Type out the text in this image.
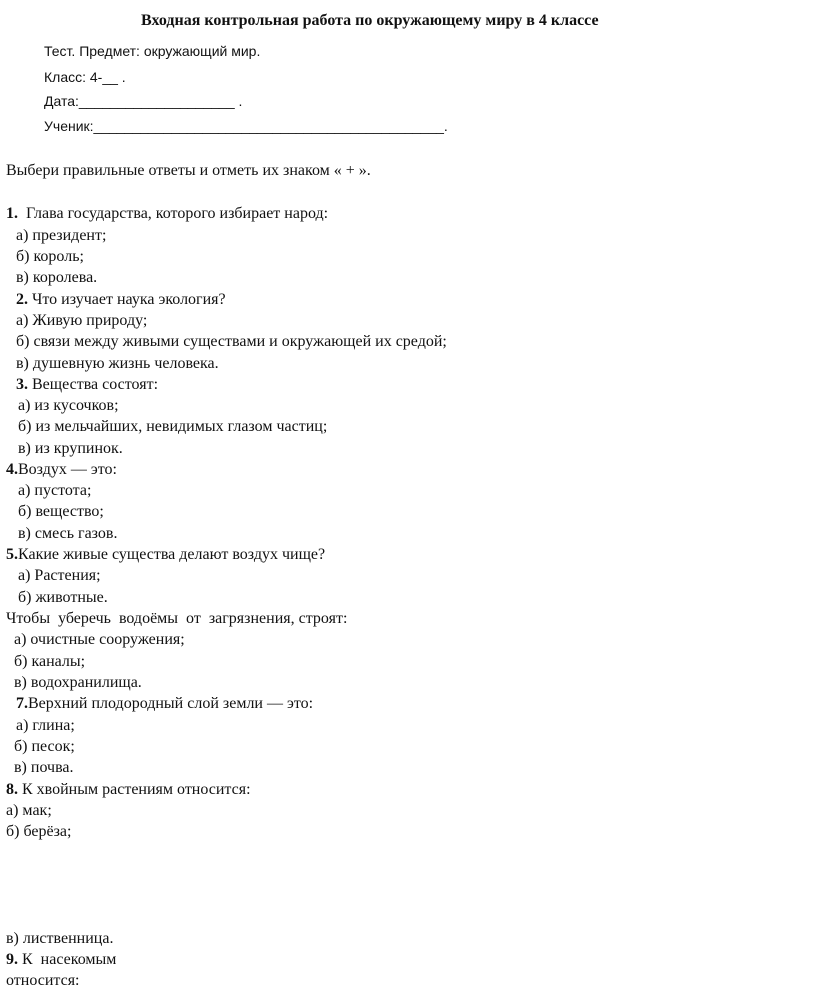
Входная контрольная работа по окружающему миру в 4 классе
Тест. Предмет: окружающий мир.
Класс: 4-__ .
Дата:____________________ .
Ученик:_____________________________________________.
Выбери правильные ответы и отметь их знаком « + ».
1.  Глава государства, которого избирает народ:
а) президент;
б) король;
в) королева.
2. Что изучает наука экология?
а) Живую природу;
б) связи между живыми существами и окружающей их средой;
в) душевную жизнь человека.
3. Вещества состоят:
а) из кусочков;
б) из мельчайших, невидимых глазом частиц;
в) из крупинок.
4.Воздух — это:
а) пустота;
б) вещество;
в) смесь газов.
5.Какие живые существа делают воздух чище?
а) Растения;
б) животные.
Чтобы  уберечь  водоёмы  от  загрязнения, строят:
а) очистные сооружения;
б) каналы;
в) водохранилища.
7.Верхний плодородный слой земли — это:
а) глина;
б) песок;
в) почва.
8. К хвойным растениям относится:
а) мак;
б) берёза;
в) лиственница.
9. К  насекомым
относится:
